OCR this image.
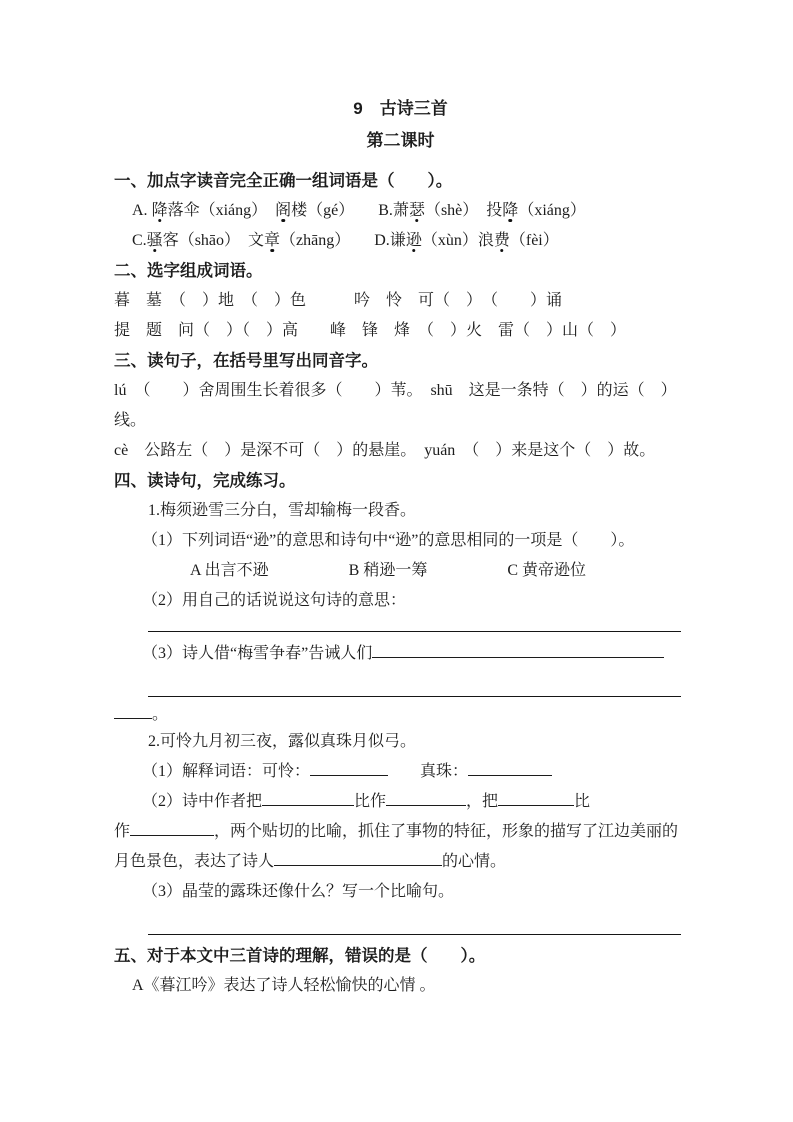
9　古诗三首
第二课时
一、加点字读音完全正确一组词语是（　　）。
A. 降落伞（xiáng）　阁楼（gé）　　B.萧瑟（shè）　投降（xiáng）
C.骚客（shāo）　文章（zhāng）　　D.谦逊（xùn）浪费（fèi）
二、选字组成词语。
暮　墓　（　）地　（　）色　　　吟　怜　可（　）　（　　）诵
提　题　问（　）（　）高　　峰　锋　烽　（　）火　雷（　）山（　）
三、读句子，在括号里写出同音字。
lú　（　　）舍周围生长着很多（　　）苇。　shū　这是一条特（　）的运（　）
线。
cè　公路左（　）是深不可（　）的悬崖。　yuán　（　）来是这个（　）故。
四、读诗句，完成练习。
1.梅须逊雪三分白，雪却输梅一段香。
（1）下列词语“逊”的意思和诗句中“逊”的意思相同的一项是（　　）。
A 出言不逊　　　　　B 稍逊一筹　　　　　C 黄帝逊位
（2）用自己的话说说这句诗的意思：
（3）诗人借“梅雪争春”告诫人们
。
2.可怜九月初三夜，露似真珠月似弓。
（1）解释词语：可怜：	　　真珠：
（2）诗中作者把	比作	，把	比
作	，两个贴切的比喻，抓住了事物的特征，形象的描写了江边美丽的
月色景色，表达了诗人	的心情。
（3）晶莹的露珠还像什么？写一个比喻句。
五、对于本文中三首诗的理解，错误的是（　　）。
A《暮江吟》表达了诗人轻松愉快的心情 。
